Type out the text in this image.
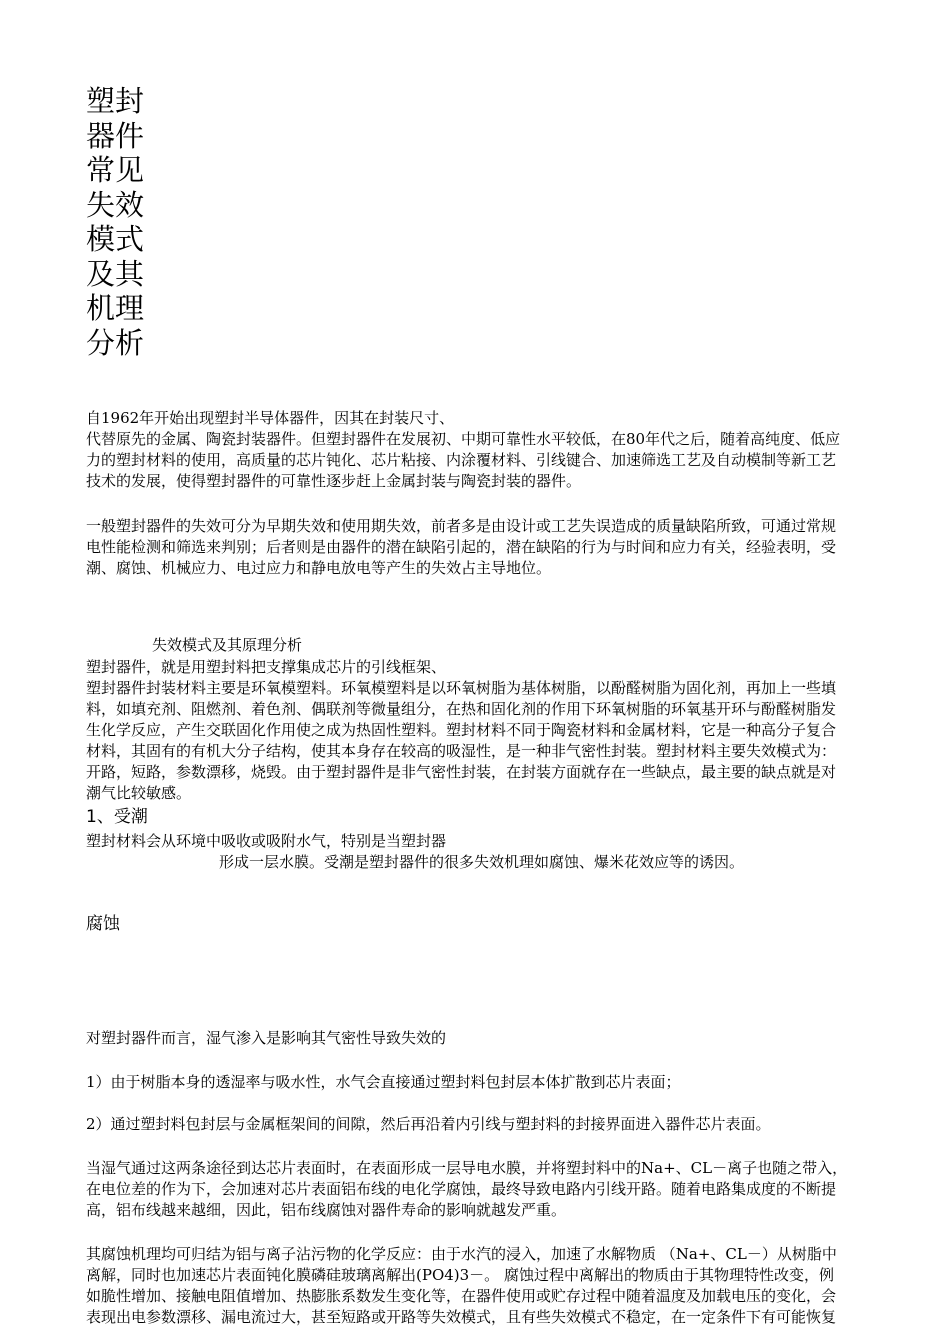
塑封
器件
常见
失效
模式
及其
机理
分析

自1962年开始出现塑封半导体器件，因其在封装尺寸、
代替原先的金属、陶瓷封装器件。但塑封器件在发展初、中期可靠性水平较低，在80年代之后，随着高纯度、低应
力的塑封材料的使用，高质量的芯片钝化、芯片粘接、内涂覆材料、引线键合、加速筛选工艺及自动模制等新工艺
技术的发展，使得塑封器件的可靠性逐步赶上金属封装与陶瓷封装的器件。

一般塑封器件的失效可分为早期失效和使用期失效，前者多是由设计或工艺失误造成的质量缺陷所致，可通过常规
电性能检测和筛选来判别；后者则是由器件的潜在缺陷引起的，潜在缺陷的行为与时间和应力有关，经验表明，受
潮、腐蚀、机械应力、电过应力和静电放电等产生的失效占主导地位。

失效模式及其原理分析

塑封器件，就是用塑封料把支撑集成芯片的引线框架、
塑封器件封装材料主要是环氧模塑料。环氧模塑料是以环氧树脂为基体树脂，以酚醛树脂为固化剂，再加上一些填
料，如填充剂、阻燃剂、着色剂、偶联剂等微量组分，在热和固化剂的作用下环氧树脂的环氧基开环与酚醛树脂发
生化学反应，产生交联固化作用使之成为热固性塑料。塑封材料不同于陶瓷材料和金属材料，它是一种高分子复合
材料，其固有的有机大分子结构，使其本身存在较高的吸湿性，是一种非气密性封装。塑封材料主要失效模式为：
开路，短路，参数漂移，烧毁。由于塑封器件是非气密性封装，在封装方面就存在一些缺点，最主要的缺点就是对
潮气比较敏感。

1、受潮

塑封材料会从环境中吸收或吸附水气，特别是当塑封器
形成一层水膜。受潮是塑封器件的很多失效机理如腐蚀、爆米花效应等的诱因。

腐蚀

对塑封器件而言，湿气渗入是影响其气密性导致失效的

1）由于树脂本身的透湿率与吸水性，水气会直接通过塑封料包封层本体扩散到芯片表面；

2）通过塑封料包封层与金属框架间的间隙，然后再沿着内引线与塑封料的封接界面进入器件芯片表面。

当湿气通过这两条途径到达芯片表面时，在表面形成一层导电水膜，并将塑封料中的Na+、CL－离子也随之带入，
在电位差的作为下，会加速对芯片表面铝布线的电化学腐蚀，最终导致电路内引线开路。随着电路集成度的不断提
高，铝布线越来越细，因此，铝布线腐蚀对器件寿命的影响就越发严重。

其腐蚀机理均可归结为铝与离子沾污物的化学反应：由于水汽的浸入，加速了水解物质 （Na+、CL－）从树脂中
离解，同时也加速芯片表面钝化膜磷硅玻璃离解出(PO4)3－。 腐蚀过程中离解出的物质由于其物理特性改变，例
如脆性增加、接触电阻值增加、热膨胀系数发生变化等，在器件使用或贮存过程中随着温度及加载电压的变化，会
表现出电参数漂移、漏电流过大，甚至短路或开路等失效模式，且有些失效模式不稳定，在一定条件下有可能恢复
